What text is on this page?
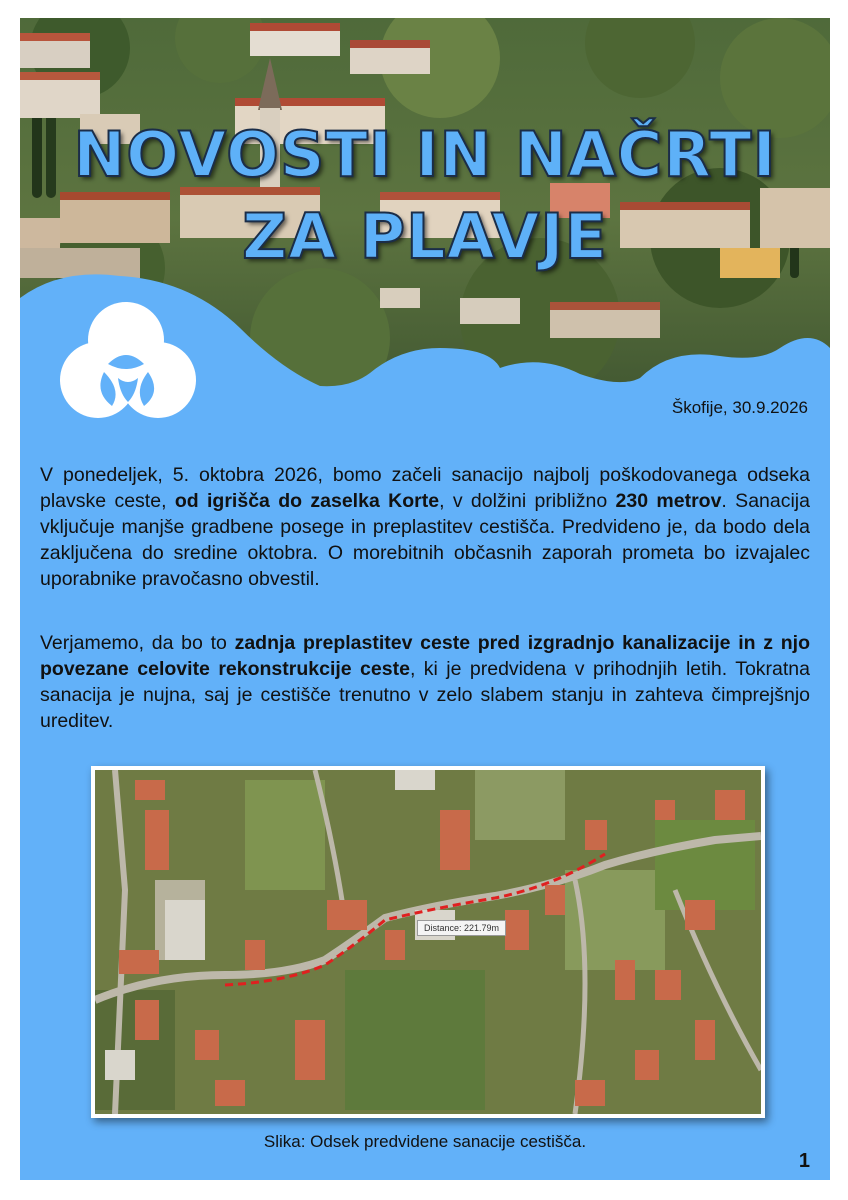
NOVOSTI IN NAČRTI
ZA PLAVJE
Škofije, 30.9.2026

V ponedeljek, 5. oktobra 2026, bomo začeli sanacijo najbolj poškodovanega odseka plavske ceste, od igrišča do zaselka Korte, v dolžini približno 230 metrov. Sanacija vključuje manjše gradbene posege in preplastitev cestišča. Predvideno je, da bodo dela zaključena do sredine oktobra. O morebitnih občasnih zaporah prometa bo izvajalec uporabnike pravočasno obvestil.

Verjamemo, da bo to zadnja preplastitev ceste pred izgradnjo kanalizacije in z njo povezane celovite rekonstrukcije ceste, ki je predvidena v prihodnjih letih. Tokratna sanacija je nujna, saj je cestišče trenutno v zelo slabem stanju in zahteva čimprejšnjo ureditev.

Distance: 221.79m
Slika: Odsek predvidene sanacije cestišča.
1
